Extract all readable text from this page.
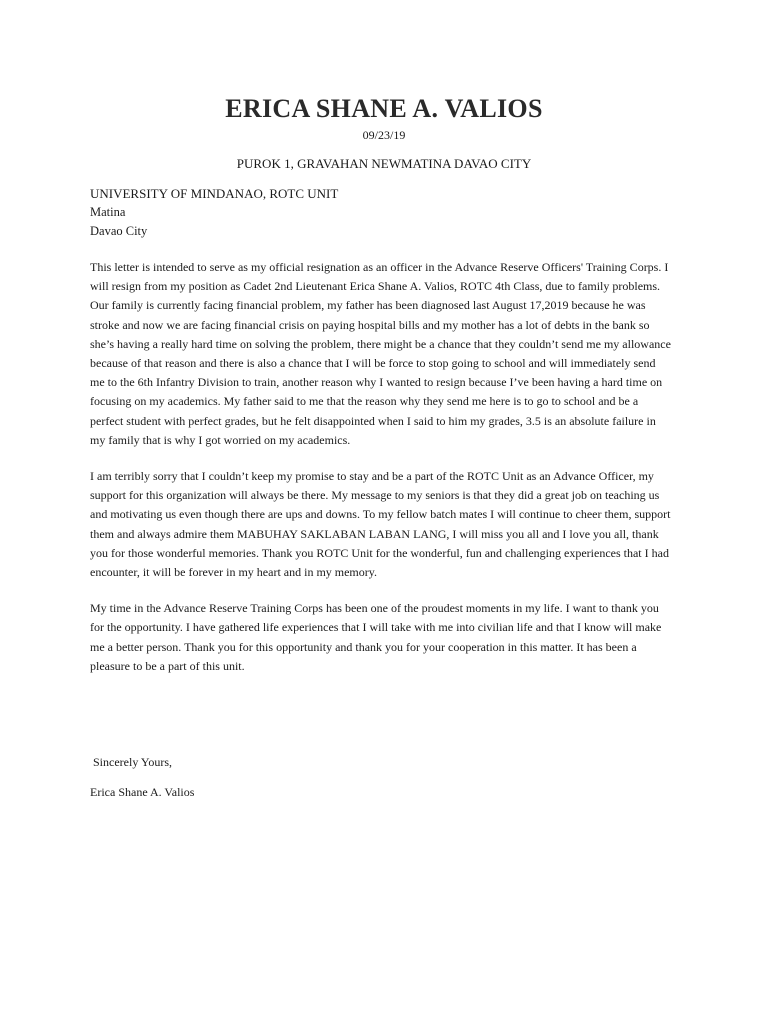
ERICA SHANE A. VALIOS
09/23/19
PUROK 1, GRAVAHAN NEWMATINA DAVAO CITY
UNIVERSITY OF MINDANAO, ROTC UNIT
Matina
Davao City

This letter is intended to serve as my official resignation as an officer in the Advance Reserve Officers' Training Corps. I will resign from my position as Cadet 2nd Lieutenant Erica Shane A. Valios, ROTC 4th Class, due to family problems. Our family is currently facing financial problem, my father has been diagnosed last August 17,2019 because he was stroke and now we are facing financial crisis on paying hospital bills and my mother has a lot of debts in the bank so she’s having a really hard time on solving the problem, there might be a chance that they couldn’t send me my allowance because of that reason and there is also a chance that I will be force to stop going to school and will immediately send me to the 6th Infantry Division to train, another reason why I wanted to resign because I’ve been having a hard time on focusing on my academics. My father said to me that the reason why they send me here is to go to school and be a perfect student with perfect grades, but he felt disappointed when I said to him my grades, 3.5 is an absolute failure in my family that is why I got worried on my academics.

I am terribly sorry that I couldn’t keep my promise to stay and be a part of the ROTC Unit as an Advance Officer, my support for this organization will always be there. My message to my seniors is that they did a great job on teaching us and motivating us even though there are ups and downs. To my fellow batch mates I will continue to cheer them, support them and always admire them MABUHAY SAKLABAN LABAN LANG, I will miss you all and I love you all, thank you for those wonderful memories. Thank you ROTC Unit for the wonderful, fun and challenging experiences that I had encounter, it will be forever in my heart and in my memory.

My time in the Advance Reserve Training Corps has been one of the proudest moments in my life. I want to thank you for the opportunity. I have gathered life experiences that I will take with me into civilian life and that I know will make me a better person. Thank you for this opportunity and thank you for your cooperation in this matter. It has been a pleasure to be a part of this unit.

Sincerely Yours,
Erica Shane A. Valios
